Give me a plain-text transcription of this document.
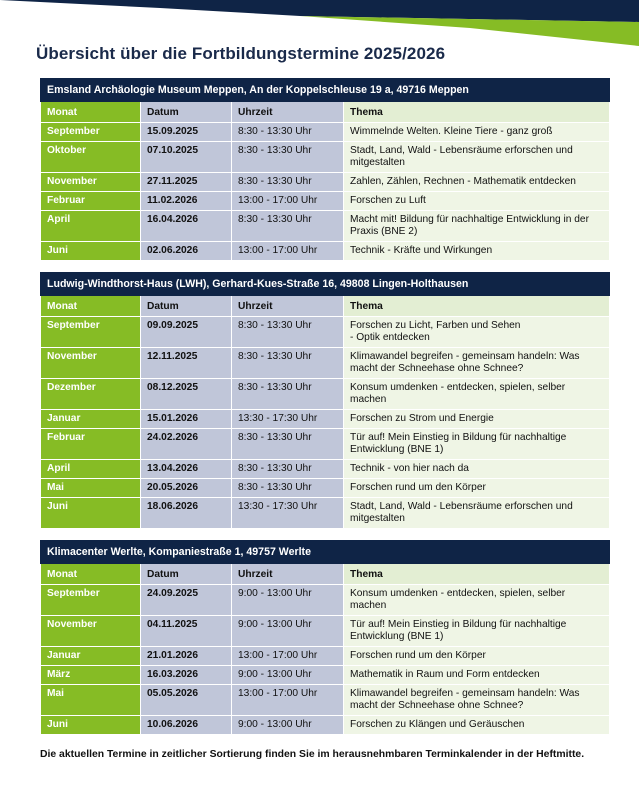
Übersicht über die Fortbildungstermine 2025/2026
Emsland Archäologie Museum Meppen, An der Koppelschleuse 19 a, 49716 Meppen			
Monat	Datum	Uhrzeit	Thema
September	15.09.2025	8:30 - 13:30 Uhr	Wimmelnde Welten. Kleine Tiere - ganz groß
Oktober	07.10.2025	8:30 - 13:30 Uhr	Stadt, Land, Wald - Lebensräume erforschen und mitgestalten
November	27.11.2025	8:30 - 13:30 Uhr	Zahlen, Zählen, Rechnen - Mathematik entdecken
Februar	11.02.2026	13:00 - 17:00 Uhr	Forschen zu Luft
April	16.04.2026	8:30 - 13:30 Uhr	Macht mit! Bildung für nachhaltige Entwicklung in der Praxis (BNE 2)
Juni	02.06.2026	13:00 - 17:00 Uhr	Technik - Kräfte und Wirkungen
Ludwig-Windthorst-Haus (LWH), Gerhard-Kues-Straße 16, 49808 Lingen-Holthausen			
Monat	Datum	Uhrzeit	Thema
September	09.09.2025	8:30 - 13:30 Uhr	Forschen zu Licht, Farben und Sehen
- Optik entdecken
November	12.11.2025	8:30 - 13:30 Uhr	Klimawandel begreifen - gemeinsam handeln: Was macht der Schneehase ohne Schnee?
Dezember	08.12.2025	8:30 - 13:30 Uhr	Konsum umdenken - entdecken, spielen, selber machen
Januar	15.01.2026	13:30 - 17:30 Uhr	Forschen zu Strom und Energie
Februar	24.02.2026	8:30 - 13:30 Uhr	Tür auf! Mein Einstieg in Bildung für nachhaltige Entwicklung (BNE 1)
April	13.04.2026	8:30 - 13:30 Uhr	Technik - von hier nach da
Mai	20.05.2026	8:30 - 13:30 Uhr	Forschen rund um den Körper
Juni	18.06.2026	13:30 - 17:30 Uhr	Stadt, Land, Wald - Lebensräume erforschen und mitgestalten
Klimacenter Werlte, Kompaniestraße 1, 49757 Werlte			
Monat	Datum	Uhrzeit	Thema
September	24.09.2025	9:00 - 13:00 Uhr	Konsum umdenken - entdecken, spielen, selber machen
November	04.11.2025	9:00 - 13:00 Uhr	Tür auf! Mein Einstieg in Bildung für nachhaltige Entwicklung (BNE 1)
Januar	21.01.2026	13:00 - 17:00 Uhr	Forschen rund um den Körper
März	16.03.2026	9:00 - 13:00 Uhr	Mathematik in Raum und Form entdecken
Mai	05.05.2026	13:00 - 17:00 Uhr	Klimawandel begreifen - gemeinsam handeln: Was macht der Schneehase ohne Schnee?
Juni	10.06.2026	9:00 - 13:00 Uhr	Forschen zu Klängen und Geräuschen
Die aktuellen Termine in zeitlicher Sortierung finden Sie im herausnehmbaren Terminkalender in der Heftmitte.
